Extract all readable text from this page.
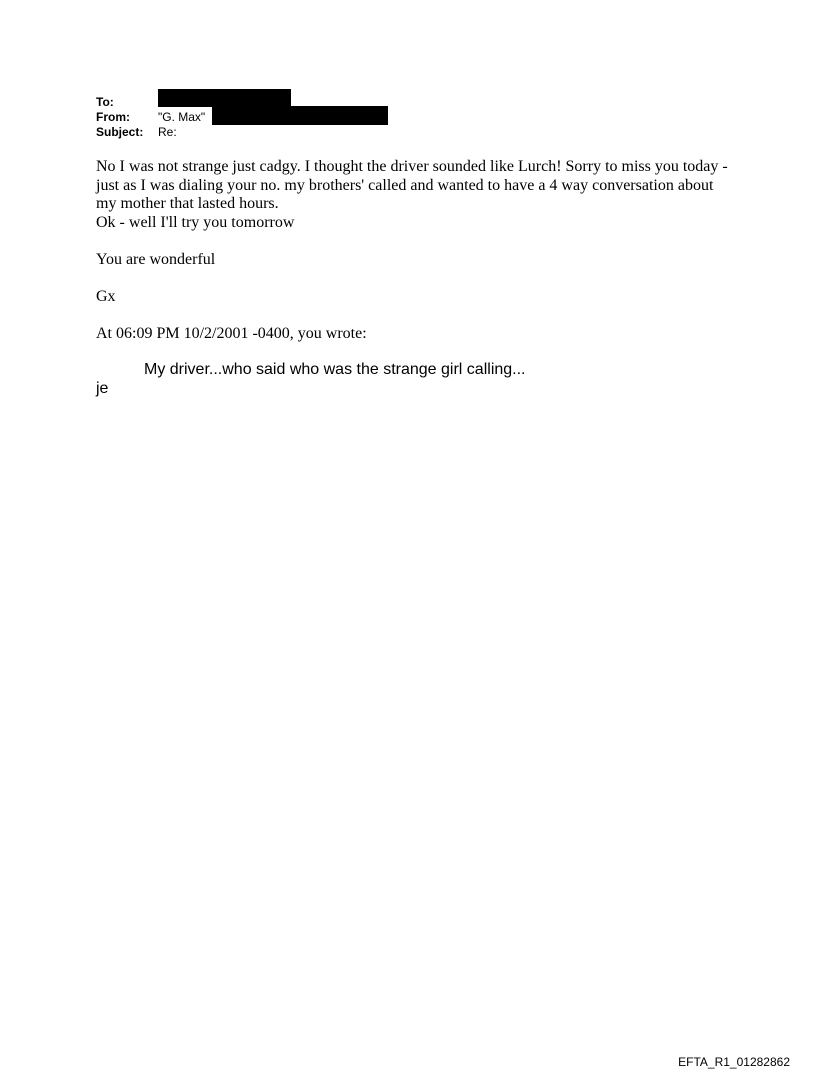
To:
From: "G. Max"
Subject: Re:

No I was not strange just cadgy. I thought the driver sounded like Lurch! Sorry to miss you today - just as I was dialing your no. my brothers' called and wanted to have a 4 way conversation about my mother that lasted hours.

Ok - well I'll try you tomorrow

You are wonderful

Gx

At 06:09 PM 10/2/2001 -0400, you wrote:

My driver...who said who was the strange girl calling...
je
EFTA_R1_01282862
